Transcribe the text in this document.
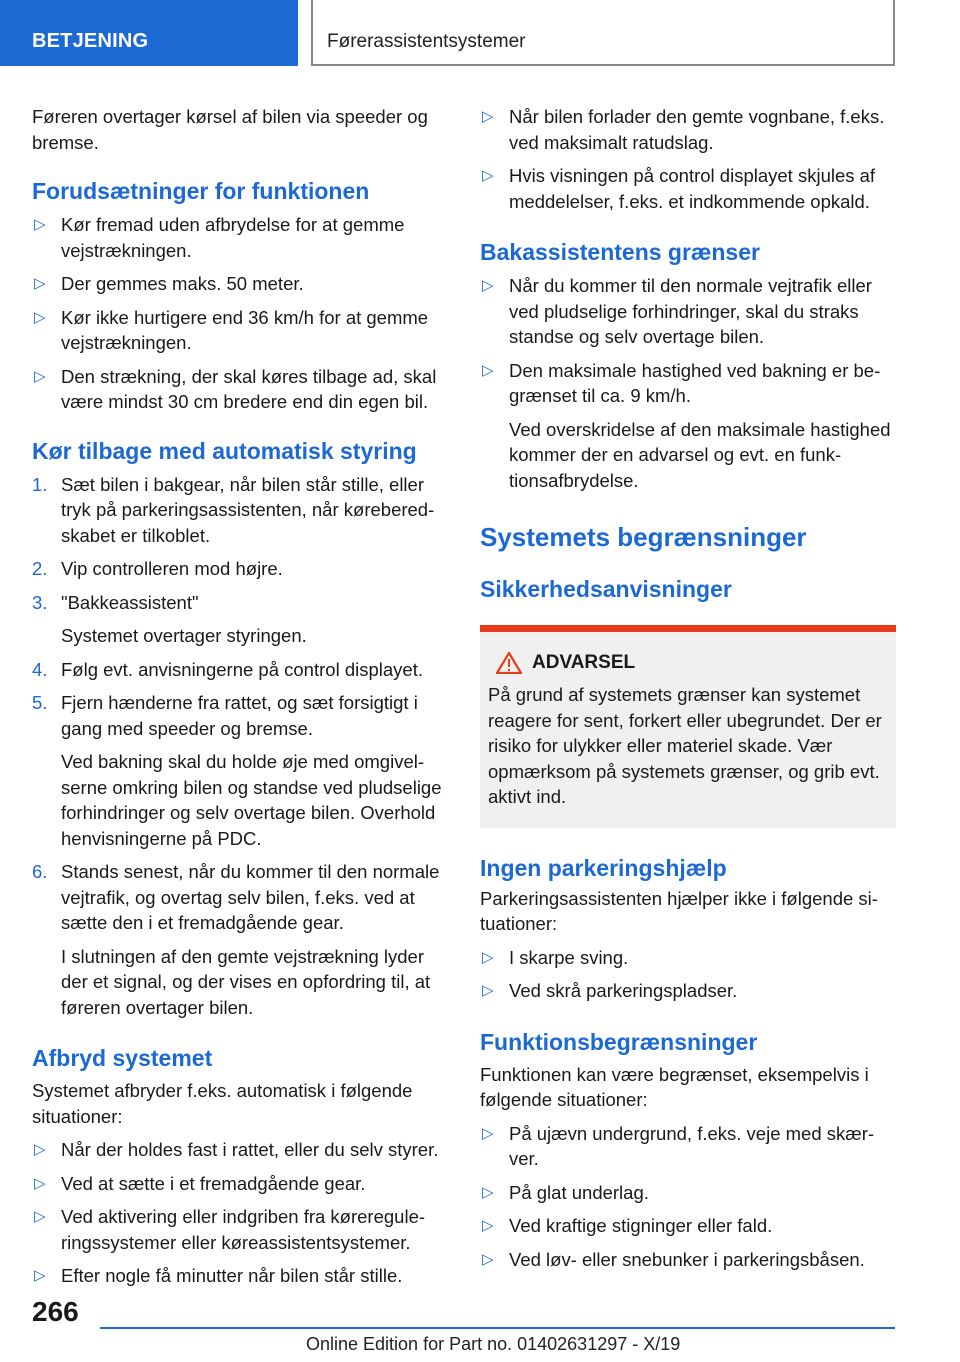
BETJENING	Førerassistentsystemer

Føreren overtager kørsel af bilen via speeder og bremse.

Forudsætninger for funktionen
▷ Kør fremad uden afbrydelse for at gemme vejstrækningen.
▷ Der gemmes maks. 50 meter.
▷ Kør ikke hurtigere end 36 km/h for at gemme vejstrækningen.
▷ Den strækning, der skal køres tilbage ad, skal være mindst 30 cm bredere end din egen bil.
Kør tilbage med automatisk styring
1. Sæt bilen i bakgear, når bilen står stille, eller tryk på parkeringsassistenten, når køreberedskabet er tilkoblet.
2. Vip controlleren mod højre.
3. "Bakkeassistent"
Systemet overtager styringen.
4. Følg evt. anvisningerne på control displayet.
5. Fjern hænderne fra rattet, og sæt forsigtigt i gang med speeder og bremse.
Ved bakning skal du holde øje med omgivelserne omkring bilen og standse ved pludselige forhindringer og selv overtage bilen. Overhold henvisningerne på PDC.
6. Stands senest, når du kommer til den normale vejtrafik, og overtag selv bilen, f.eks. ved at sætte den i et fremadgående gear.
I slutningen af den gemte vejstrækning lyder der et signal, og der vises en opfordring til, at føreren overtager bilen.
Afbryd systemet

Systemet afbryder f.eks. automatisk i følgende situationer:

▷ Når der holdes fast i rattet, eller du selv styrer.
▷ Ved at sætte i et fremadgående gear.
▷ Ved aktivering eller indgriben fra kørereguleringssystemer eller køreassistentsystemer.
▷ Efter nogle få minutter når bilen står stille.
▷ Når bilen forlader den gemte vognbane, f.eks. ved maksimalt ratudslag.
▷ Hvis visningen på control displayet skjules af meddelelser, f.eks. et indkommende opkald.
Bakassistentens grænser
▷ Når du kommer til den normale vejtrafik eller ved pludselige forhindringer, skal du straks standse og selv overtage bilen.
▷ Den maksimale hastighed ved bakning er begrænset til ca. 9 km/h.
Ved overskridelse af den maksimale hastighed kommer der en advarsel og evt. en funktionsafbrydelse.
Systemets begrænsninger
Sikkerhedsanvisninger
ADVARSEL
På grund af systemets grænser kan systemet reagere for sent, forkert eller ubegrundet. Der er risiko for ulykker eller materiel skade. Vær opmærksom på systemets grænser, og grib evt. aktivt ind.
Ingen parkeringshjælp

Parkeringsassistenten hjælper ikke i følgende situationer:

▷ I skarpe sving.
▷ Ved skrå parkeringspladser.
Funktionsbegrænsninger

Funktionen kan være begrænset, eksempelvis i følgende situationer:

▷ På ujævn undergrund, f.eks. veje med skærver.
▷ På glat underlag.
▷ Ved kraftige stigninger eller fald.
▷ Ved løv- eller snebunker i parkeringsbåsen.
266
Online Edition for Part no. 01402631297 - X/19
